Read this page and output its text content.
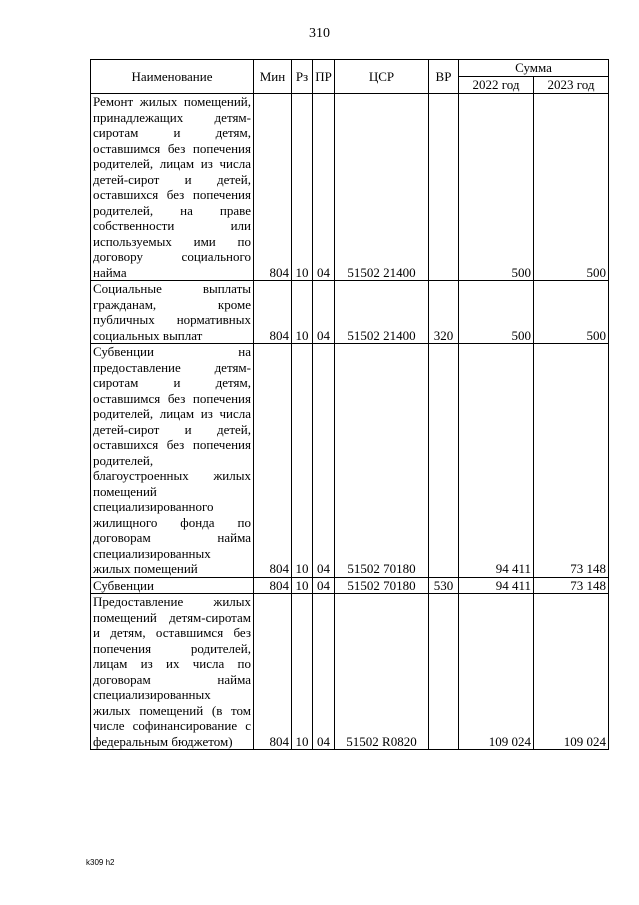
310
Наименование	Мин	Рз	ПР	ЦСР	ВР	Сумма	
						2022 год	2023 год
Ремонт жилых помещений, принадлежащих детям-сиротам и детям, оставшимся без попечения родителей, лицам из числа детей-сирот и детей, оставшихся без попечения родителей, на праве собственности или используемых ими по договору социального найма	804	10	04	51502 21400		500	500
Социальные выплаты гражданам, кроме публичных нормативных социальных выплат	804	10	04	51502 21400	320	500	500
Субвенции на предоставление детям-сиротам и детям, оставшимся без попечения родителей, лицам из числа детей-сирот и детей, оставшихся без попечения родителей, благоустроенных жилых помещений специализированного жилищного фонда по договорам найма специализированных жилых помещений	804	10	04	51502 70180		94 411	73 148
Субвенции	804	10	04	51502 70180	530	94 411	73 148
Предоставление жилых помещений детям-сиротам и детям, оставшимся без попечения родителей, лицам из их числа по договорам найма специализированных жилых помещений (в том числе софинансирование с федеральным бюджетом)	804	10	04	51502 R0820		109 024	109 024
k309 h2
